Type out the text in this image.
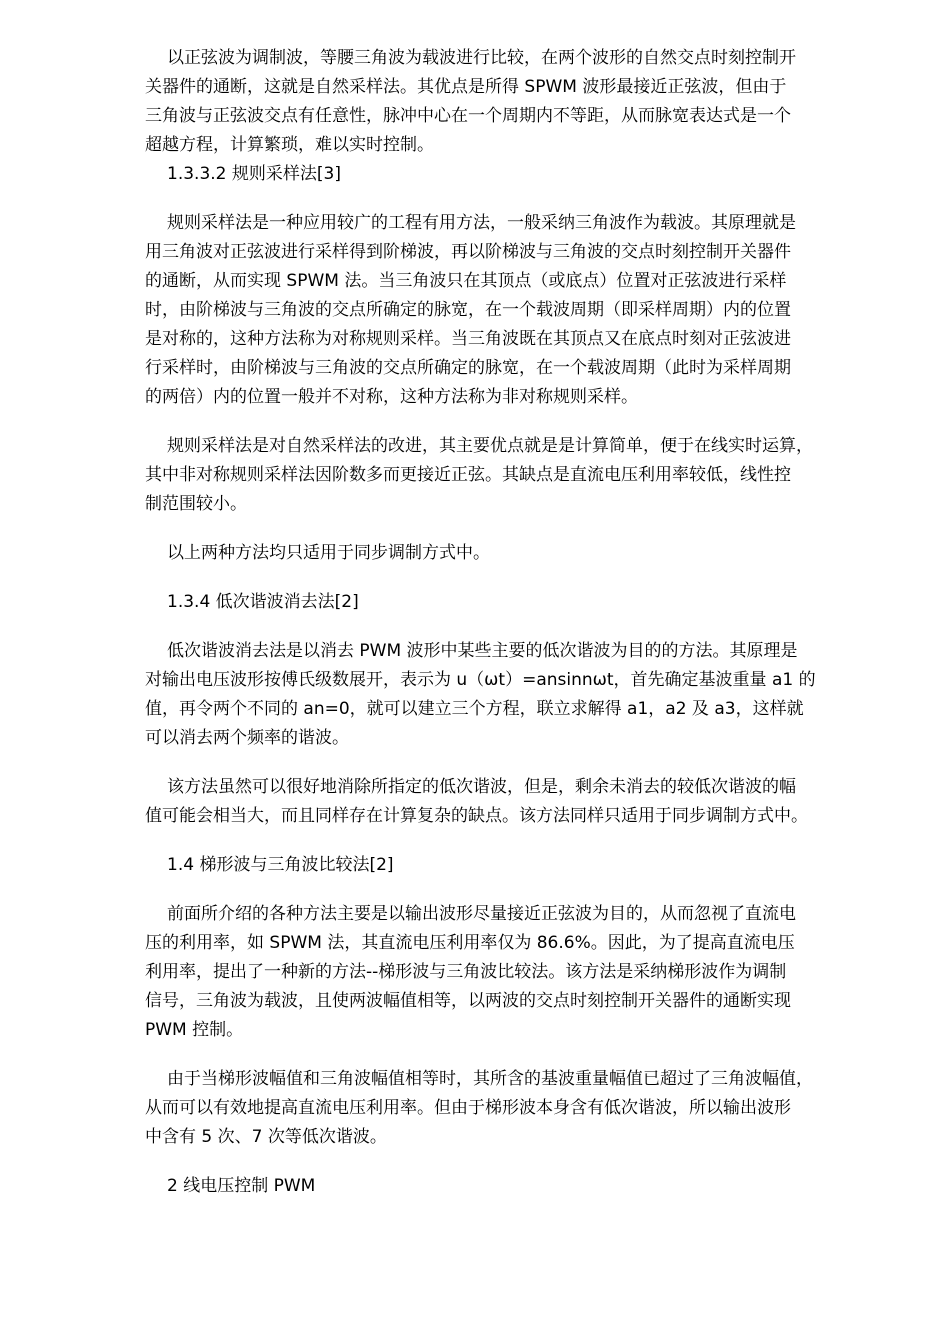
以正弦波为调制波，等腰三角波为载波进行比较，在两个波形的自然交点时刻控制开
关器件的通断，这就是自然采样法。其优点是所得 SPWM 波形最接近正弦波，但由于
三角波与正弦波交点有任意性，脉冲中心在一个周期内不等距，从而脉宽表达式是一个
超越方程，计算繁琐，难以实时控制。
1.3.3.2 规则采样法[3]
规则采样法是一种应用较广的工程有用方法，一般采纳三角波作为载波。其原理就是
用三角波对正弦波进行采样得到阶梯波，再以阶梯波与三角波的交点时刻控制开关器件
的通断，从而实现 SPWM 法。当三角波只在其顶点（或底点）位置对正弦波进行采样
时，由阶梯波与三角波的交点所确定的脉宽，在一个载波周期（即采样周期）内的位置
是对称的，这种方法称为对称规则采样。当三角波既在其顶点又在底点时刻对正弦波进
行采样时，由阶梯波与三角波的交点所确定的脉宽，在一个载波周期（此时为采样周期
的两倍）内的位置一般并不对称，这种方法称为非对称规则采样。
规则采样法是对自然采样法的改进，其主要优点就是是计算简单，便于在线实时运算，
其中非对称规则采样法因阶数多而更接近正弦。其缺点是直流电压利用率较低，线性控
制范围较小。
以上两种方法均只适用于同步调制方式中。
1.3.4 低次谐波消去法[2]
低次谐波消去法是以消去 PWM 波形中某些主要的低次谐波为目的的方法。其原理是
对输出电压波形按傅氏级数展开，表示为 u（ωt）=ansinnωt，首先确定基波重量 a1 的
值，再令两个不同的 an=0，就可以建立三个方程，联立求解得 a1，a2 及 a3，这样就
可以消去两个频率的谐波。
该方法虽然可以很好地消除所指定的低次谐波，但是，剩余未消去的较低次谐波的幅
值可能会相当大，而且同样存在计算复杂的缺点。该方法同样只适用于同步调制方式中。
1.4 梯形波与三角波比较法[2]
前面所介绍的各种方法主要是以输出波形尽量接近正弦波为目的，从而忽视了直流电
压的利用率，如 SPWM 法，其直流电压利用率仅为 86.6%。因此，为了提高直流电压
利用率，提出了一种新的方法--梯形波与三角波比较法。该方法是采纳梯形波作为调制
信号，三角波为载波，且使两波幅值相等，以两波的交点时刻控制开关器件的通断实现
PWM 控制。
由于当梯形波幅值和三角波幅值相等时，其所含的基波重量幅值已超过了三角波幅值，
从而可以有效地提高直流电压利用率。但由于梯形波本身含有低次谐波，所以输出波形
中含有 5 次、7 次等低次谐波。
2 线电压控制 PWM
